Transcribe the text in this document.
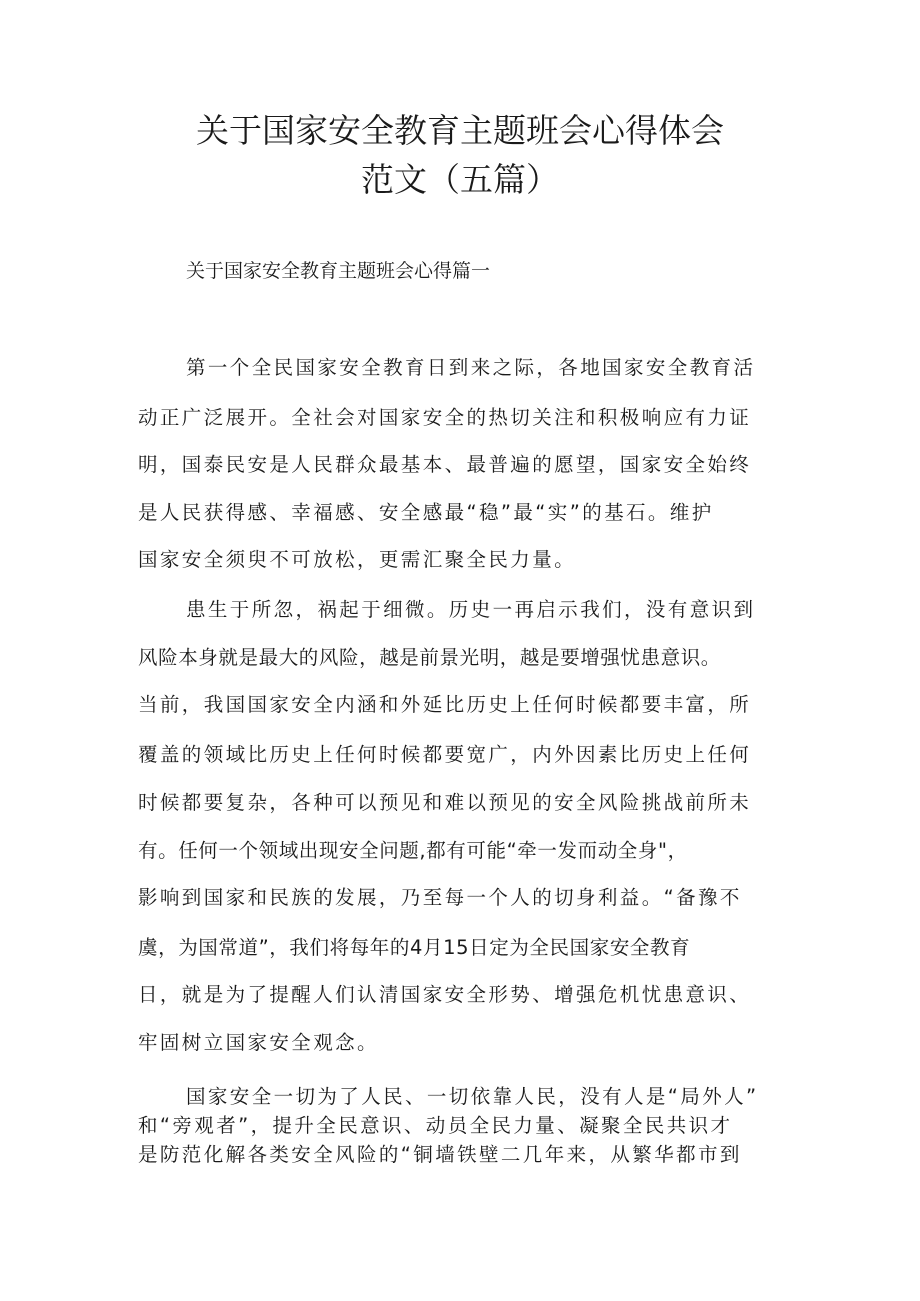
关于国家安全教育主题班会心得体会
范文（五篇）
关于国家安全教育主题班会心得篇一
第一个全民国家安全教育日到来之际，各地国家安全教育活
动正广泛展开。全社会对国家安全的热切关注和积极响应有力证
明，国泰民安是人民群众最基本、最普遍的愿望，国家安全始终
是人民获得感、幸福感、安全感最“稳”最“实”的基石。维护
国家安全须臾不可放松，更需汇聚全民力量。
患生于所忽，祸起于细微。历史一再启示我们，没有意识到
风险本身就是最大的风险，越是前景光明，越是要增强忧患意识。
当前，我国国家安全内涵和外延比历史上任何时候都要丰富，所
覆盖的领域比历史上任何时候都要宽广，内外因素比历史上任何
时候都要复杂，各种可以预见和难以预见的安全风险挑战前所未
有。任何一个领域出现安全问题,都有可能“牵一发而动全身"，
影响到国家和民族的发展，乃至每一个人的切身利益。“备豫不
虞，为国常道”，我们将每年的4月15日定为全民国家安全教育
日，就是为了提醒人们认清国家安全形势、增强危机忧患意识、
牢固树立国家安全观念。
国家安全一切为了人民、一切依靠人民，没有人是“局外人”
和“旁观者”，提升全民意识、动员全民力量、凝聚全民共识才
是防范化解各类安全风险的“铜墙铁壁二几年来，从繁华都市到
